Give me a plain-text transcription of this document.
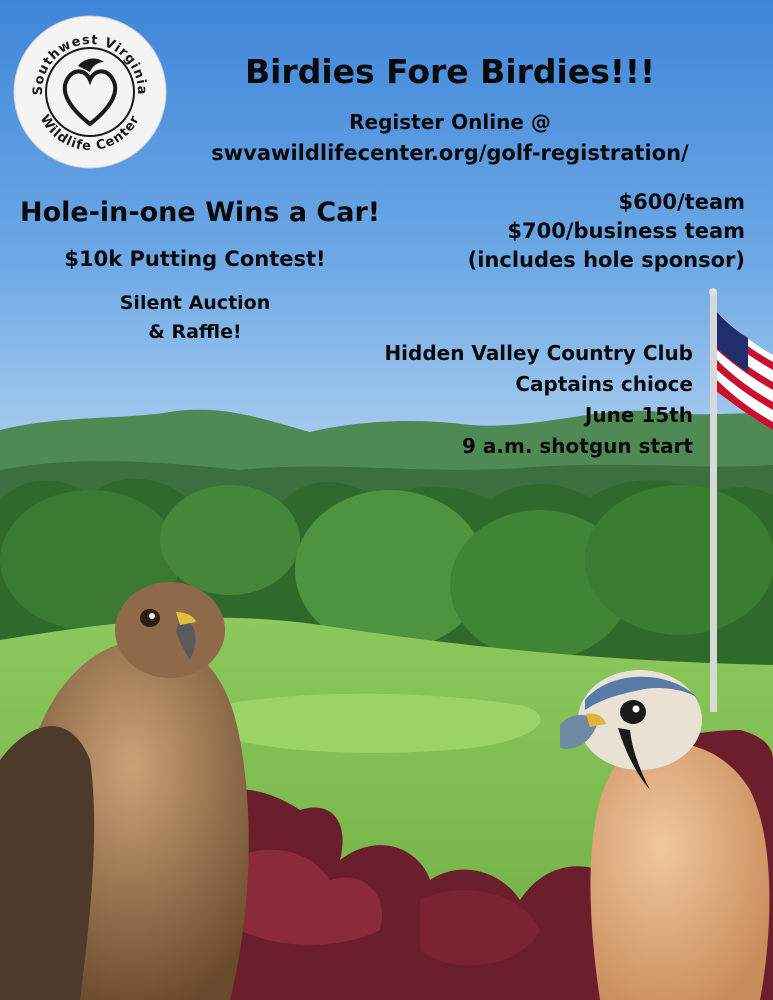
Southwest Virginia
Wildlife Center
Birdies Fore Birdies!!!
Register Online @
swvawildlifecenter.org/golf-registration/
Hole-in-one Wins a Car!
$10k Putting Contest!
Silent Auction
& Raffle!
$600/team
$700/business team
(includes hole sponsor)
Hidden Valley Country Club
Captains chioce
June 15th
9 a.m. shotgun start
